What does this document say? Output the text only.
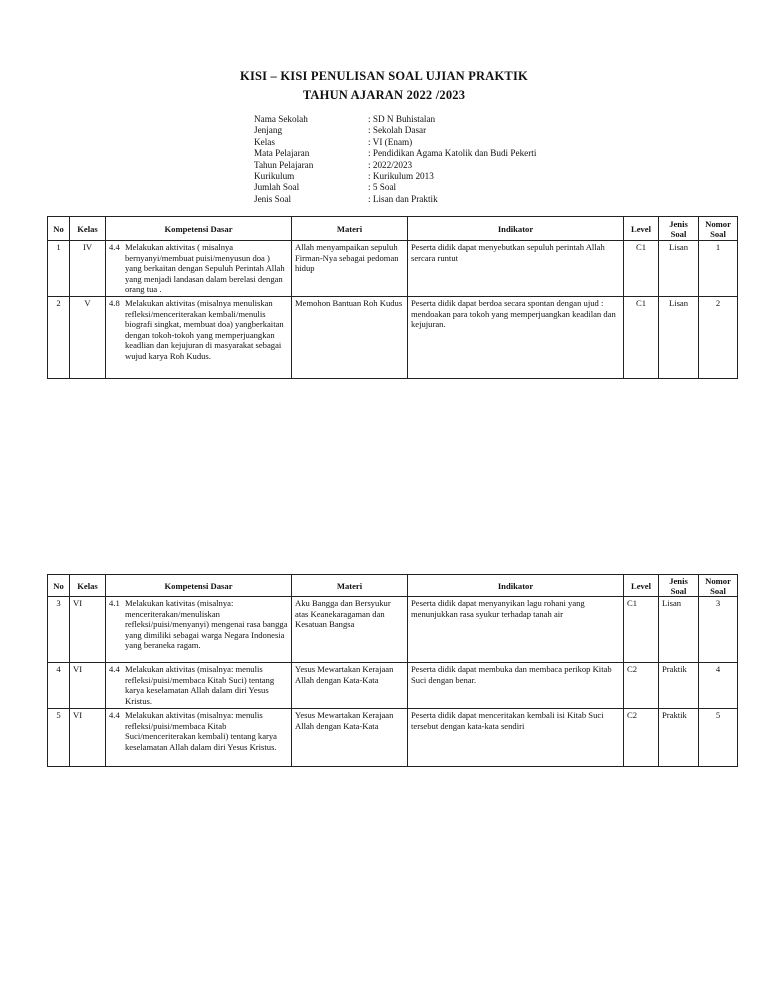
KISI – KISI PENULISAN SOAL UJIAN PRAKTIK
TAHUN AJARAN 2022 /2023
Nama Sekolah	: SD N Buhistalan
Jenjang	: Sekolah Dasar
Kelas	: VI (Enam)
Mata Pelajaran	: Pendidikan Agama Katolik dan Budi Pekerti
Tahun Pelajaran	: 2022/2023
Kurikulum	: Kurikulum 2013
Jumlah Soal	: 5 Soal
Jenis Soal	: Lisan dan Praktik
No	Kelas	Kompetensi Dasar	Materi	Indikator	Level	Jenis Soal	Nomor Soal
1	IV	4.4 Melakukan aktivitas ( misalnya bernyanyi/membuat puisi/menyusun doa ) yang berkaitan dengan Sepuluh Perintah Allah yang menjadi landasan dalam berelasi dengan orang tua .	Allah menyampaikan sepuluh Firman-Nya sebagai pedoman hidup	Peserta didik dapat menyebutkan sepuluh perintah Allah sercara runtut	C1	Lisan	1
2	V	4.8 Melakukan aktivitas (misalnya menuliskan refleksi/menceriterakan kembali/menulis biografi singkat, membuat doa) yangberkaitan dengan tokoh-tokoh yang memperjuangkan keadlian dan kejujuran di masyarakat sebagai wujud karya Roh Kudus.	Memohon Bantuan Roh Kudus	Peserta didik dapat berdoa secara spontan dengan ujud : mendoakan para tokoh yang memperjuangkan keadilan dan kejujuran.	C1	Lisan	2
No	Kelas	Kompetensi Dasar	Materi	Indikator	Level	Jenis Soal	Nomor Soal
3	VI	4.1 Melakukan kativitas (misalnya: menceriterakan/menuliskan refleksi/puisi/menyanyi) mengenai rasa bangga yang dimiliki sebagai warga Negara Indonesia yang beraneka ragam.	Aku Bangga dan Bersyukur atas Keanekaragaman dan Kesatuan Bangsa	Peserta didik dapat menyanyikan lagu rohani yang menunjukkan rasa syukur terhadap tanah air	C1	Lisan	3
4	VI	4.4 Melakukan aktivitas (misalnya: menulis refleksi/puisi/membaca Kitab Suci) tentang karya keselamatan Allah dalam diri Yesus Kristus.	Yesus Mewartakan Kerajaan Allah dengan Kata-Kata	Peserta didik dapat membuka dan membaca perikop Kitab Suci dengan benar.	C2	Praktik	4
5	VI	4.4 Melakukan aktivitas (misalnya: menulis refleksi/puisi/membaca Kitab Suci/menceriterakan kembali) tentang karya keselamatan Allah dalam diri Yesus Kristus.	Yesus Mewartakan Kerajaan Allah dengan Kata-Kata	Peserta didik dapat menceritakan kembali isi Kitab Suci tersebut dengan kata-kata sendiri	C2	Praktik	5
